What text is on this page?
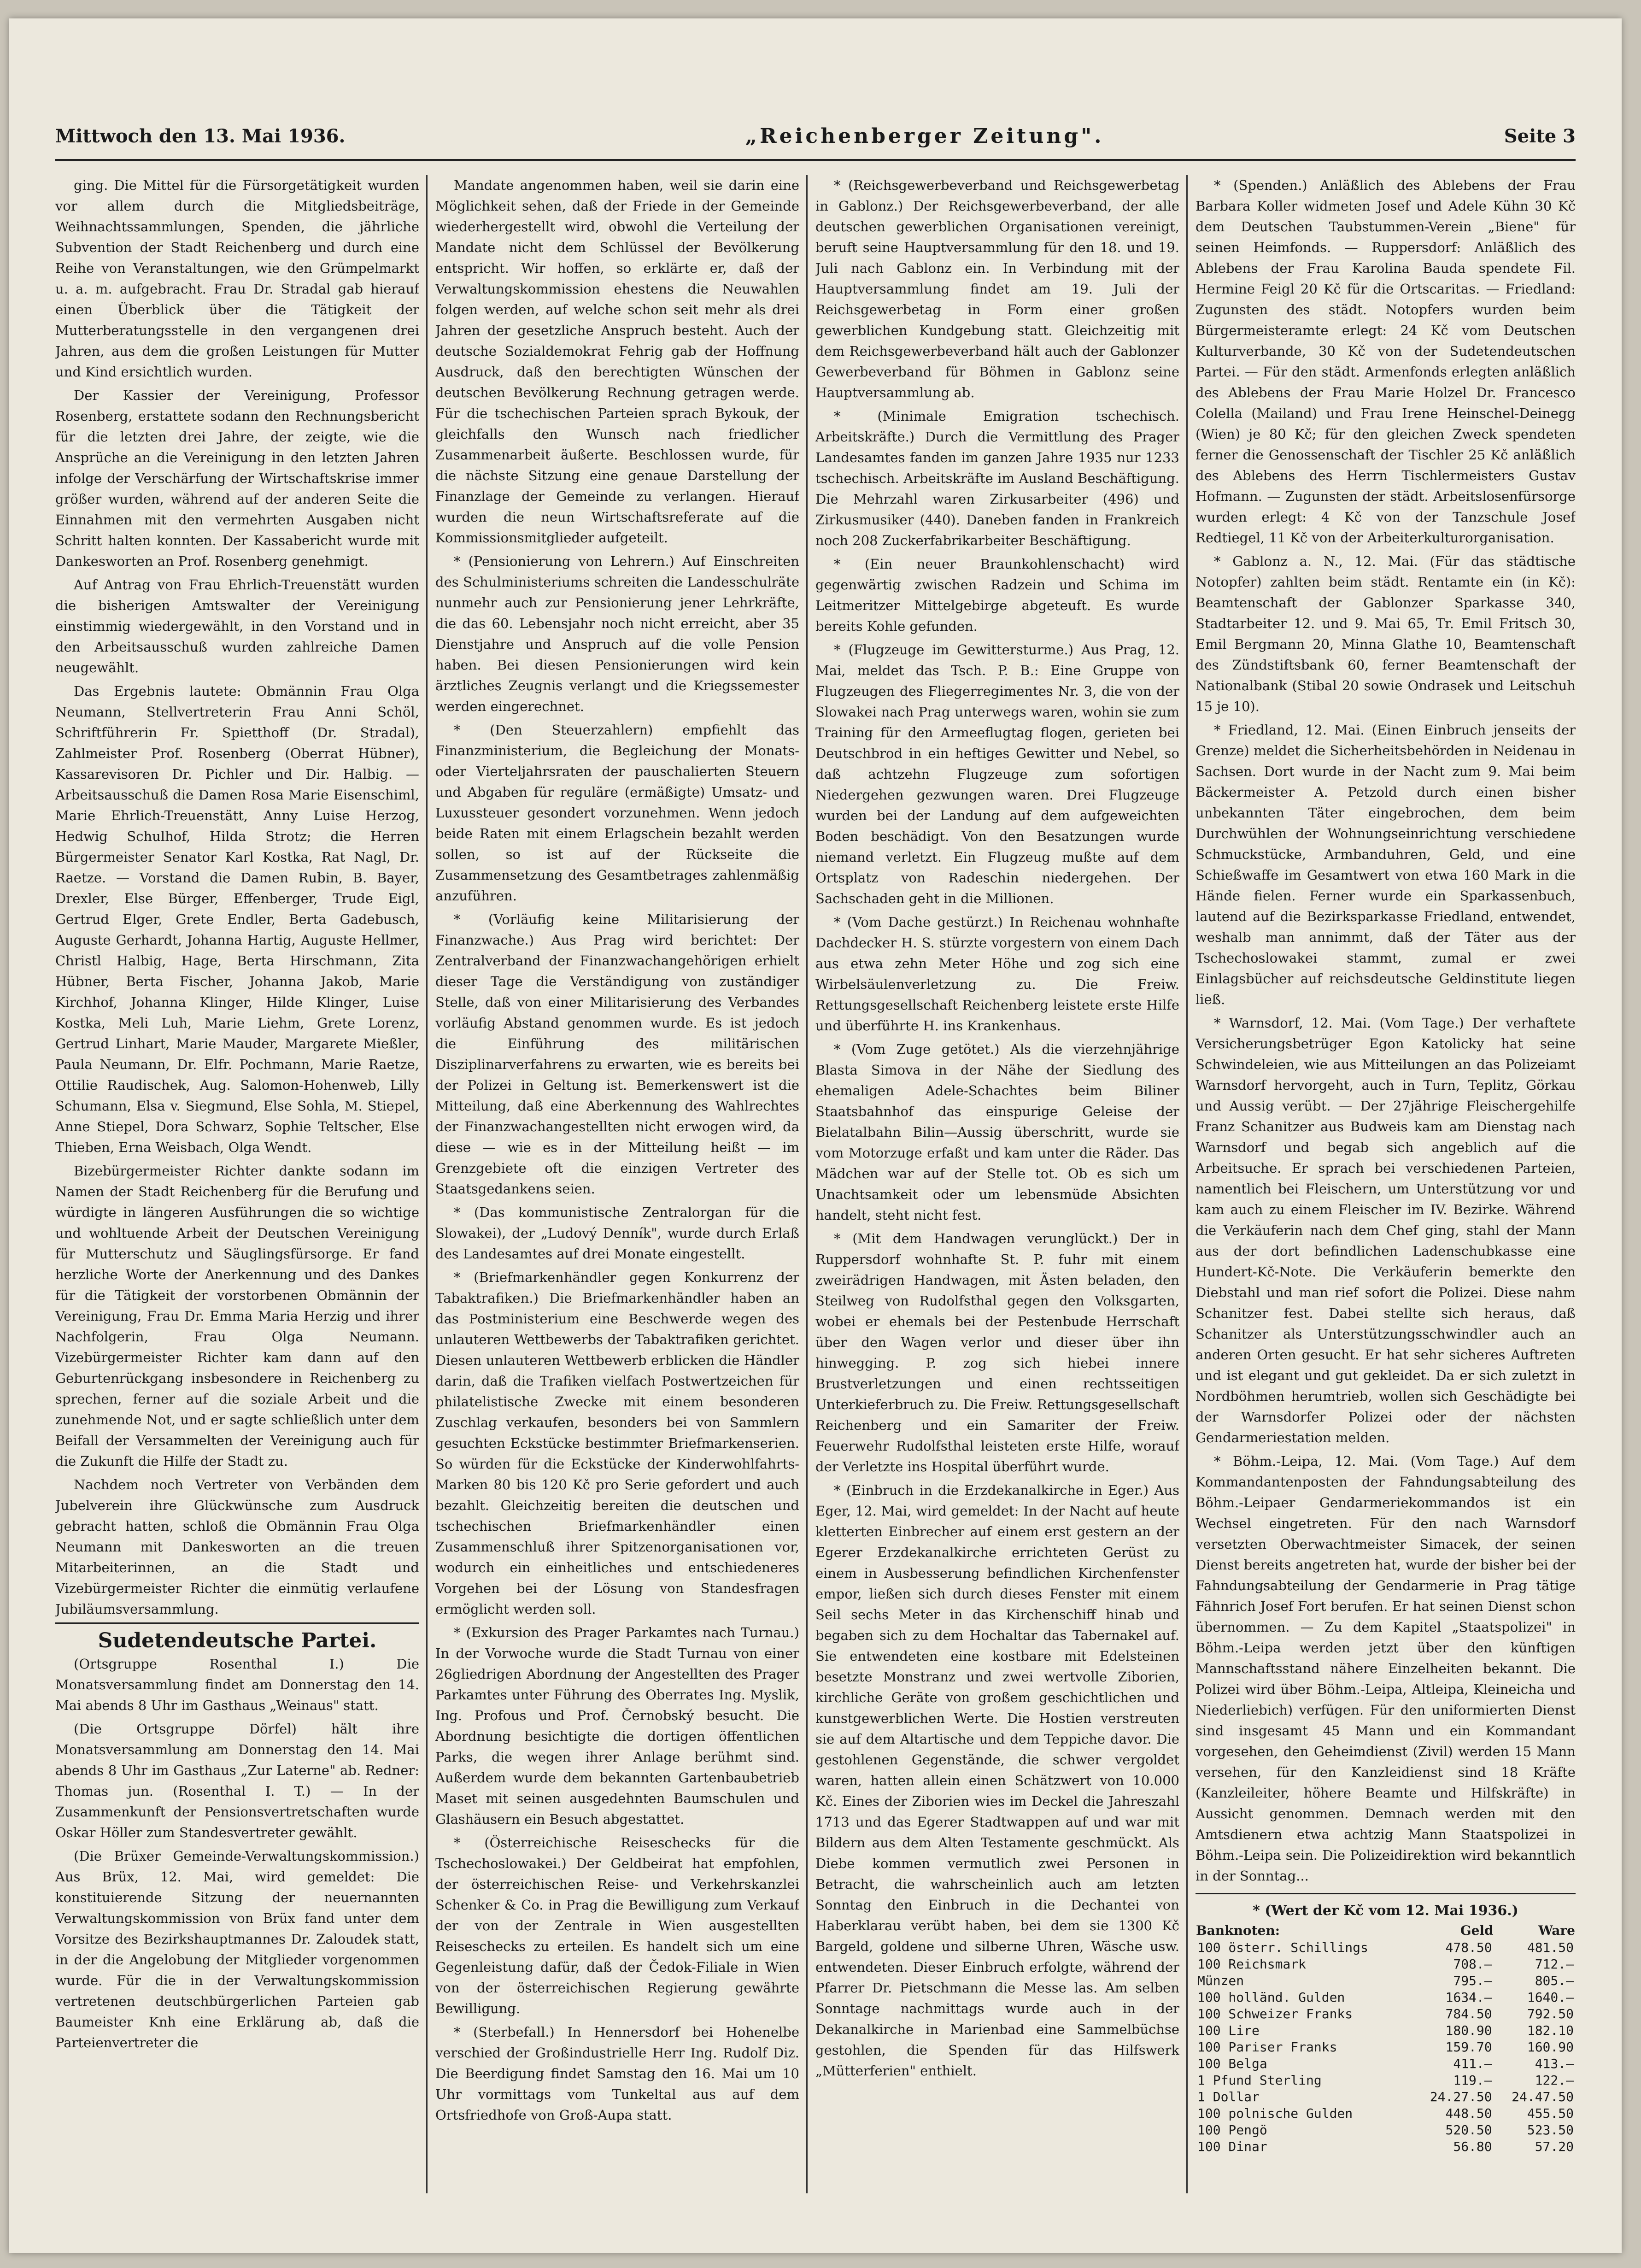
Mittwoch den 13. Mai 1936.	„Reichenberger Zeitung".	Seite 3

ging. Die Mittel für die Fürsorgetätigkeit wurden vor allem durch die Mitgliedsbeiträge, Weihnachtssammlungen, Spenden, die jährliche Subvention der Stadt Reichenberg und durch eine Reihe von Veranstaltungen, wie den Grümpelmarkt u. a. m. aufgebracht. Frau Dr. Stradal gab hierauf einen Überblick über die Tätigkeit der Mutterberatungsstelle in den vergangenen drei Jahren, aus dem die großen Leistungen für Mutter und Kind ersichtlich wurden.

Der Kassier der Vereinigung, Professor Rosenberg, erstattete sodann den Rechnungsbericht für die letzten drei Jahre, der zeigte, wie die Ansprüche an die Vereinigung in den letzten Jahren infolge der Verschärfung der Wirtschaftskrise immer größer wurden, während auf der anderen Seite die Einnahmen mit den vermehrten Ausgaben nicht Schritt halten konnten. Der Kassabericht wurde mit Dankesworten an Prof. Rosenberg genehmigt.

Auf Antrag von Frau Ehrlich-Treuenstätt wurden die bisherigen Amtswalter der Vereinigung einstimmig wiedergewählt, in den Vorstand und in den Arbeitsausschuß wurden zahlreiche Damen neugewählt.

Das Ergebnis lautete: Obmännin Frau Olga Neumann, Stellvertreterin Frau Anni Schöl, Schriftführerin Fr. Spietthoff (Dr. Stradal), Zahlmeister Prof. Rosenberg (Oberrat Hübner), Kassarevisoren Dr. Pichler und Dir. Halbig. — Arbeitsausschuß die Damen Rosa Marie Eisenschiml, Marie Ehrlich-Treuenstätt, Anny Luise Herzog, Hedwig Schulhof, Hilda Strotz; die Herren Bürgermeister Senator Karl Kostka, Rat Nagl, Dr. Raetze. — Vorstand die Damen Rubin, B. Bayer, Drexler, Else Bürger, Effenberger, Trude Eigl, Gertrud Elger, Grete Endler, Berta Gadebusch, Auguste Gerhardt, Johanna Hartig, Auguste Hellmer, Christl Halbig, Hage, Berta Hirschmann, Zita Hübner, Berta Fischer, Johanna Jakob, Marie Kirchhof, Johanna Klinger, Hilde Klinger, Luise Kostka, Meli Luh, Marie Liehm, Grete Lorenz, Gertrud Linhart, Marie Mauder, Margarete Mießler, Paula Neumann, Dr. Elfr. Pochmann, Marie Raetze, Ottilie Raudischek, Aug. Salomon-Hohenweb, Lilly Schumann, Elsa v. Siegmund, Else Sohla, M. Stiepel, Anne Stiepel, Dora Schwarz, Sophie Teltscher, Else Thieben, Erna Weisbach, Olga Wendt.

Bizebürgermeister Richter dankte sodann im Namen der Stadt Reichenberg für die Berufung und würdigte in längeren Ausführungen die so wichtige und wohltuende Arbeit der Deutschen Vereinigung für Mutterschutz und Säuglingsfürsorge. Er fand herzliche Worte der Anerkennung und des Dankes für die Tätigkeit der vorstorbenen Obmännin der Vereinigung, Frau Dr. Emma Maria Herzig und ihrer Nachfolgerin, Frau Olga Neumann. Vizebürgermeister Richter kam dann auf den Geburtenrückgang insbesondere in Reichenberg zu sprechen, ferner auf die soziale Arbeit und die zunehmende Not, und er sagte schließlich unter dem Beifall der Versammelten der Vereinigung auch für die Zukunft die Hilfe der Stadt zu.

Nachdem noch Vertreter von Verbänden dem Jubelverein ihre Glückwünsche zum Ausdruck gebracht hatten, schloß die Obmännin Frau Olga Neumann mit Dankesworten an die treuen Mitarbeiterinnen, an die Stadt und Vizebürgermeister Richter die einmütig verlaufene Jubiläumsversammlung.

Sudetendeutsche Partei.

(Ortsgruppe Rosenthal I.) Die Monatsversammlung findet am Donnerstag den 14. Mai abends 8 Uhr im Gasthaus „Weinaus" statt.

(Die Ortsgruppe Dörfel) hält ihre Monatsversammlung am Donnerstag den 14. Mai abends 8 Uhr im Gasthaus „Zur Laterne" ab. Redner: Thomas jun. (Rosenthal I. T.) — In der Zusammenkunft der Pensionsvertretschaften wurde Oskar Höller zum Standesvertreter gewählt.

(Die Brüxer Gemeinde-Verwaltungskommission.) Aus Brüx, 12. Mai, wird gemeldet: Die konstituierende Sitzung der neuernannten Verwaltungskommission von Brüx fand unter dem Vorsitze des Bezirkshauptmannes Dr. Zaloudek statt, in der die Angelobung der Mitglieder vorgenommen wurde. Für die in der Verwaltungskommission vertretenen deutschbürgerlichen Parteien gab Baumeister Knh eine Erklärung ab, daß die Parteienvertreter die

Mandate angenommen haben, weil sie darin eine Möglichkeit sehen, daß der Friede in der Gemeinde wiederhergestellt wird, obwohl die Verteilung der Mandate nicht dem Schlüssel der Bevölkerung entspricht. Wir hoffen, so erklärte er, daß der Verwaltungskommission ehestens die Neuwahlen folgen werden, auf welche schon seit mehr als drei Jahren der gesetzliche Anspruch besteht. Auch der deutsche Sozialdemokrat Fehrig gab der Hoffnung Ausdruck, daß den berechtigten Wünschen der deutschen Bevölkerung Rechnung getragen werde. Für die tschechischen Parteien sprach Bykouk, der gleichfalls den Wunsch nach friedlicher Zusammenarbeit äußerte. Beschlossen wurde, für die nächste Sitzung eine genaue Darstellung der Finanzlage der Gemeinde zu verlangen. Hierauf wurden die neun Wirtschaftsreferate auf die Kommissionsmitglieder aufgeteilt.

* (Pensionierung von Lehrern.) Auf Einschreiten des Schulministeriums schreiten die Landesschulräte nunmehr auch zur Pensionierung jener Lehrkräfte, die das 60. Lebensjahr noch nicht erreicht, aber 35 Dienstjahre und Anspruch auf die volle Pension haben. Bei diesen Pensionierungen wird kein ärztliches Zeugnis verlangt und die Kriegssemester werden eingerechnet.

* (Den Steuerzahlern) empfiehlt das Finanzministerium, die Begleichung der Monats- oder Vierteljahrsraten der pauschalierten Steuern und Abgaben für reguläre (ermäßigte) Umsatz- und Luxussteuer gesondert vorzunehmen. Wenn jedoch beide Raten mit einem Erlagschein bezahlt werden sollen, so ist auf der Rückseite die Zusammensetzung des Gesamtbetrages zahlenmäßig anzuführen.

* (Vorläufig keine Militarisierung der Finanzwache.) Aus Prag wird berichtet: Der Zentralverband der Finanzwachangehörigen erhielt dieser Tage die Verständigung von zuständiger Stelle, daß von einer Militarisierung des Verbandes vorläufig Abstand genommen wurde. Es ist jedoch die Einführung des militärischen Disziplinarverfahrens zu erwarten, wie es bereits bei der Polizei in Geltung ist. Bemerkenswert ist die Mitteilung, daß eine Aberkennung des Wahlrechtes der Finanzwachangestellten nicht erwogen wird, da diese — wie es in der Mitteilung heißt — im Grenzgebiete oft die einzigen Vertreter des Staatsgedankens seien.

* (Das kommunistische Zentralorgan für die Slowakei), der „Ludový Denník", wurde durch Erlaß des Landesamtes auf drei Monate eingestellt.

* (Briefmarkenhändler gegen Konkurrenz der Tabaktrafiken.) Die Briefmarkenhändler haben an das Postministerium eine Beschwerde wegen des unlauteren Wettbewerbs der Tabaktrafiken gerichtet. Diesen unlauteren Wettbewerb erblicken die Händler darin, daß die Trafiken vielfach Postwertzeichen für philatelistische Zwecke mit einem besonderen Zuschlag verkaufen, besonders bei von Sammlern gesuchten Eckstücke bestimmter Briefmarkenserien. So würden für die Eckstücke der Kinderwohlfahrts-Marken 80 bis 120 Kč pro Serie gefordert und auch bezahlt. Gleichzeitig bereiten die deutschen und tschechischen Briefmarkenhändler einen Zusammenschluß ihrer Spitzenorganisationen vor, wodurch ein einheitliches und entschiedeneres Vorgehen bei der Lösung von Standesfragen ermöglicht werden soll.

* (Exkursion des Prager Parkamtes nach Turnau.) In der Vorwoche wurde die Stadt Turnau von einer 26gliedrigen Abordnung der Angestellten des Prager Parkamtes unter Führung des Oberrates Ing. Myslik, Ing. Profous und Prof. Černobský besucht. Die Abordnung besichtigte die dortigen öffentlichen Parks, die wegen ihrer Anlage berühmt sind. Außerdem wurde dem bekannten Gartenbaubetrieb Maset mit seinen ausgedehnten Baumschulen und Glashäusern ein Besuch abgestattet.

* (Österreichische Reiseschecks für die Tschechoslowakei.) Der Geldbeirat hat empfohlen, der österreichischen Reise- und Verkehrskanzlei Schenker & Co. in Prag die Bewilligung zum Verkauf der von der Zentrale in Wien ausgestellten Reiseschecks zu erteilen. Es handelt sich um eine Gegenleistung dafür, daß der Čedok-Filiale in Wien von der österreichischen Regierung gewährte Bewilligung.

* (Sterbefall.) In Hennersdorf bei Hohenelbe verschied der Großindustrielle Herr Ing. Rudolf Diz. Die Beerdigung findet Samstag den 16. Mai um 10 Uhr vormittags vom Tunkeltal aus auf dem Ortsfriedhofe von Groß-Aupa statt.

* (Reichsgewerbeverband und Reichsgewerbetag in Gablonz.) Der Reichsgewerbeverband, der alle deutschen gewerblichen Organisationen vereinigt, beruft seine Hauptversammlung für den 18. und 19. Juli nach Gablonz ein. In Verbindung mit der Hauptversammlung findet am 19. Juli der Reichsgewerbetag in Form einer großen gewerblichen Kundgebung statt. Gleichzeitig mit dem Reichsgewerbeverband hält auch der Gablonzer Gewerbeverband für Böhmen in Gablonz seine Hauptversammlung ab.

* (Minimale Emigration tschechisch. Arbeitskräfte.) Durch die Vermittlung des Prager Landesamtes fanden im ganzen Jahre 1935 nur 1233 tschechisch. Arbeitskräfte im Ausland Beschäftigung. Die Mehrzahl waren Zirkusarbeiter (496) und Zirkusmusiker (440). Daneben fanden in Frankreich noch 208 Zuckerfabrikarbeiter Beschäftigung.

* (Ein neuer Braunkohlenschacht) wird gegenwärtig zwischen Radzein und Schima im Leitmeritzer Mittelgebirge abgeteuft. Es wurde bereits Kohle gefunden.

* (Flugzeuge im Gewittersturme.) Aus Prag, 12. Mai, meldet das Tsch. P. B.: Eine Gruppe von Flugzeugen des Fliegerregimentes Nr. 3, die von der Slowakei nach Prag unterwegs waren, wohin sie zum Training für den Armeeflugtag flogen, gerieten bei Deutschbrod in ein heftiges Gewitter und Nebel, so daß achtzehn Flugzeuge zum sofortigen Niedergehen gezwungen waren. Drei Flugzeuge wurden bei der Landung auf dem aufgeweichten Boden beschädigt. Von den Besatzungen wurde niemand verletzt. Ein Flugzeug mußte auf dem Ortsplatz von Radeschin niedergehen. Der Sachschaden geht in die Millionen.

* (Vom Dache gestürzt.) In Reichenau wohnhafte Dachdecker H. S. stürzte vorgestern von einem Dach aus etwa zehn Meter Höhe und zog sich eine Wirbelsäulenverletzung zu. Die Freiw. Rettungsgesellschaft Reichenberg leistete erste Hilfe und überführte H. ins Krankenhaus.

* (Vom Zuge getötet.) Als die vierzehnjährige Blasta Simova in der Nähe der Siedlung des ehemaligen Adele-Schachtes beim Biliner Staatsbahnhof das einspurige Geleise der Bielatalbahn Bilin—Aussig überschritt, wurde sie vom Motorzuge erfaßt und kam unter die Räder. Das Mädchen war auf der Stelle tot. Ob es sich um Unachtsamkeit oder um lebensmüde Absichten handelt, steht nicht fest.

* (Mit dem Handwagen verunglückt.) Der in Ruppersdorf wohnhafte St. P. fuhr mit einem zweirädrigen Handwagen, mit Ästen beladen, den Steilweg von Rudolfsthal gegen den Volksgarten, wobei er ehemals bei der Pestenbude Herrschaft über den Wagen verlor und dieser über ihn hinwegging. P. zog sich hiebei innere Brustverletzungen und einen rechtsseitigen Unterkieferbruch zu. Die Freiw. Rettungsgesellschaft Reichenberg und ein Samariter der Freiw. Feuerwehr Rudolfsthal leisteten erste Hilfe, worauf der Verletzte ins Hospital überführt wurde.

* (Einbruch in die Erzdekanalkirche in Eger.) Aus Eger, 12. Mai, wird gemeldet: In der Nacht auf heute kletterten Einbrecher auf einem erst gestern an der Egerer Erzdekanalkirche errichteten Gerüst zu einem in Ausbesserung befindlichen Kirchenfenster empor, ließen sich durch dieses Fenster mit einem Seil sechs Meter in das Kirchenschiff hinab und begaben sich zu dem Hochaltar das Tabernakel auf. Sie entwendeten eine kostbare mit Edelsteinen besetzte Monstranz und zwei wertvolle Ziborien, kirchliche Geräte von großem geschichtlichen und kunstgewerblichen Werte. Die Hostien verstreuten sie auf dem Altartische und dem Teppiche davor. Die gestohlenen Gegenstände, die schwer vergoldet waren, hatten allein einen Schätzwert von 10.000 Kč. Eines der Ziborien wies im Deckel die Jahreszahl 1713 und das Egerer Stadtwappen auf und war mit Bildern aus dem Alten Testamente geschmückt. Als Diebe kommen vermutlich zwei Personen in Betracht, die wahrscheinlich auch am letzten Sonntag den Einbruch in die Dechantei von Haberklarau verübt haben, bei dem sie 1300 Kč Bargeld, goldene und silberne Uhren, Wäsche usw. entwendeten. Dieser Einbruch erfolgte, während der Pfarrer Dr. Pietschmann die Messe las. Am selben Sonntage nachmittags wurde auch in der Dekanalkirche in Marienbad eine Sammelbüchse gestohlen, die Spenden für das Hilfswerk „Mütterferien" enthielt.

* (Spenden.) Anläßlich des Ablebens der Frau Barbara Koller widmeten Josef und Adele Kühn 30 Kč dem Deutschen Taubstummen-Verein „Biene" für seinen Heimfonds. — Ruppersdorf: Anläßlich des Ablebens der Frau Karolina Bauda spendete Fil. Hermine Feigl 20 Kč für die Ortscaritas. — Friedland: Zugunsten des städt. Notopfers wurden beim Bürgermeisteramte erlegt: 24 Kč vom Deutschen Kulturverbande, 30 Kč von der Sudetendeutschen Partei. — Für den städt. Armenfonds erlegten anläßlich des Ablebens der Frau Marie Holzel Dr. Francesco Colella (Mailand) und Frau Irene Heinschel-Deinegg (Wien) je 80 Kč; für den gleichen Zweck spendeten ferner die Genossenschaft der Tischler 25 Kč anläßlich des Ablebens des Herrn Tischlermeisters Gustav Hofmann. — Zugunsten der städt. Arbeitslosenfürsorge wurden erlegt: 4 Kč von der Tanzschule Josef Redtiegel, 11 Kč von der Arbeiterkulturorganisation.

* Gablonz a. N., 12. Mai. (Für das städtische Notopfer) zahlten beim städt. Rentamte ein (in Kč): Beamtenschaft der Gablonzer Sparkasse 340, Stadtarbeiter 12. und 9. Mai 65, Tr. Emil Fritsch 30, Emil Bergmann 20, Minna Glathe 10, Beamtenschaft des Zündstiftsbank 60, ferner Beamtenschaft der Nationalbank (Stibal 20 sowie Ondrasek und Leitschuh 15 je 10).

* Friedland, 12. Mai. (Einen Einbruch jenseits der Grenze) meldet die Sicherheitsbehörden in Neidenau in Sachsen. Dort wurde in der Nacht zum 9. Mai beim Bäckermeister A. Petzold durch einen bisher unbekannten Täter eingebrochen, dem beim Durchwühlen der Wohnungseinrichtung verschiedene Schmuckstücke, Armbanduhren, Geld, und eine Schießwaffe im Gesamtwert von etwa 160 Mark in die Hände fielen. Ferner wurde ein Sparkassenbuch, lautend auf die Bezirksparkasse Friedland, entwendet, weshalb man annimmt, daß der Täter aus der Tschechoslowakei stammt, zumal er zwei Einlagsbücher auf reichsdeutsche Geldinstitute liegen ließ.

* Warnsdorf, 12. Mai. (Vom Tage.) Der verhaftete Versicherungsbetrüger Egon Katolicky hat seine Schwindeleien, wie aus Mitteilungen an das Polizeiamt Warnsdorf hervorgeht, auch in Turn, Teplitz, Görkau und Aussig verübt. — Der 27jährige Fleischergehilfe Franz Schanitzer aus Budweis kam am Dienstag nach Warnsdorf und begab sich angeblich auf die Arbeitsuche. Er sprach bei verschiedenen Parteien, namentlich bei Fleischern, um Unterstützung vor und kam auch zu einem Fleischer im IV. Bezirke. Während die Verkäuferin nach dem Chef ging, stahl der Mann aus der dort befindlichen Ladenschubkasse eine Hundert-Kč-Note. Die Verkäuferin bemerkte den Diebstahl und man rief sofort die Polizei. Diese nahm Schanitzer fest. Dabei stellte sich heraus, daß Schanitzer als Unterstützungsschwindler auch an anderen Orten gesucht. Er hat sehr sicheres Auftreten und ist elegant und gut gekleidet. Da er sich zuletzt in Nordböhmen herumtrieb, wollen sich Geschädigte bei der Warnsdorfer Polizei oder der nächsten Gendarmeriestation melden.

* Böhm.-Leipa, 12. Mai. (Vom Tage.) Auf dem Kommandantenposten der Fahndungsabteilung des Böhm.-Leipaer Gendarmeriekommandos ist ein Wechsel eingetreten. Für den nach Warnsdorf versetzten Oberwachtmeister Simacek, der seinen Dienst bereits angetreten hat, wurde der bisher bei der Fahndungsabteilung der Gendarmerie in Prag tätige Fähnrich Josef Fort berufen. Er hat seinen Dienst schon übernommen. — Zu dem Kapitel „Staatspolizei" in Böhm.-Leipa werden jetzt über den künftigen Mannschaftsstand nähere Einzelheiten bekannt. Die Polizei wird über Böhm.-Leipa, Altleipa, Kleineicha und Niederliebich) verfügen. Für den uniformierten Dienst sind insgesamt 45 Mann und ein Kommandant vorgesehen, den Geheimdienst (Zivil) werden 15 Mann versehen, für den Kanzleidienst sind 18 Kräfte (Kanzleileiter, höhere Beamte und Hilfskräfte) in Aussicht genommen. Demnach werden mit den Amtsdienern etwa achtzig Mann Staatspolizei in Böhm.-Leipa sein. Die Polizeidirektion wird bekanntlich in der Sonntag...

* (Wert der Kč vom 12. Mai 1936.)
Banknoten:	Geld	Ware
100 österr. Schillings	478.50	481.50
100 Reichsmark	708.—	712.—
Münzen	795.—	805.—
100 holländ. Gulden	1634.—	1640.—
100 Schweizer Franks	784.50	792.50
100 Lire	180.90	182.10
100 Pariser Franks	159.70	160.90
100 Belga	411.—	413.—
1 Pfund Sterling	119.—	122.—
1 Dollar	24.27.50	24.47.50
100 polnische Gulden	448.50	455.50
100 Pengö	520.50	523.50
100 Dinar	56.80	57.20
